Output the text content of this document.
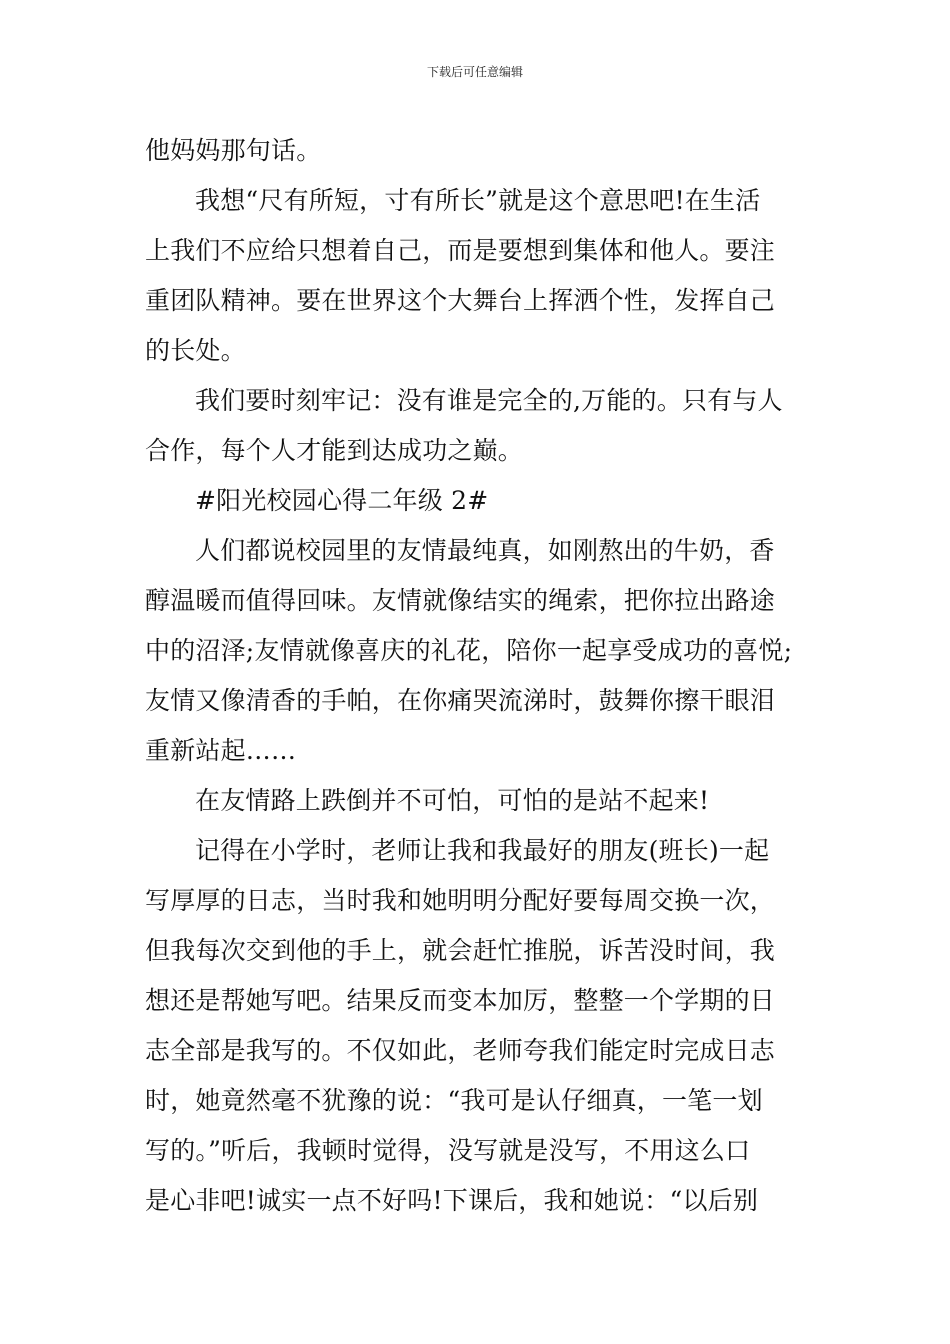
下载后可任意编辑
他妈妈那句话。
我想“尺有所短，寸有所长”就是这个意思吧!在生活
上我们不应给只想着自己，而是要想到集体和他人。要注
重团队精神。要在世界这个大舞台上挥洒个性，发挥自己
的长处。
我们要时刻牢记：没有谁是完全的,万能的。只有与人
合作，每个人才能到达成功之巅。
#阳光校园心得二年级 2#
人们都说校园里的友情最纯真，如刚熬出的牛奶，香
醇温暖而值得回味。友情就像结实的绳索，把你拉出路途
中的沼泽;友情就像喜庆的礼花，陪你一起享受成功的喜悦;
友情又像清香的手帕，在你痛哭流涕时，鼓舞你擦干眼泪
重新站起……
在友情路上跌倒并不可怕，可怕的是站不起来!
记得在小学时，老师让我和我最好的朋友(班长)一起
写厚厚的日志，当时我和她明明分配好要每周交换一次，
但我每次交到他的手上，就会赶忙推脱，诉苦没时间，我
想还是帮她写吧。结果反而变本加厉，整整一个学期的日
志全部是我写的。不仅如此，老师夸我们能定时完成日志
时，她竟然毫不犹豫的说：“我可是认仔细真，一笔一划
写的。”听后，我顿时觉得，没写就是没写，不用这么口
是心非吧!诚实一点不好吗!下课后，我和她说：“以后别
